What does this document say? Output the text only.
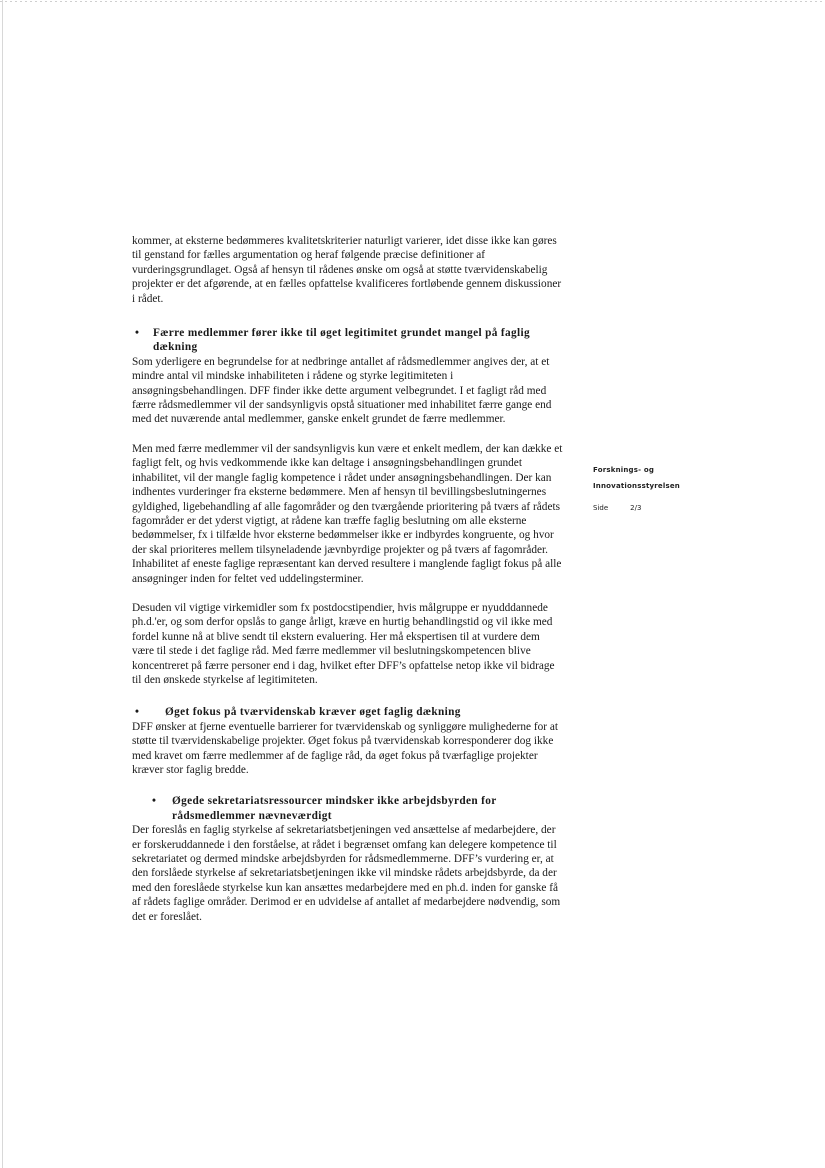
kommer, at eksterne bedømmeres kvalitetskriterier naturligt varierer, idet disse ikke kan gøres til genstand for fælles argumentation og heraf følgende præcise definitioner af vurderingsgrundlaget. Også af hensyn til rådenes ønske om også at støtte tværvidenskabelig projekter er det afgørende, at en fælles opfattelse kvalificeres fortløbende gennem diskussioner i rådet.

• Færre medlemmer fører ikke til øget legitimitet grundet mangel på faglig dækning

Som yderligere en begrundelse for at nedbringe antallet af rådsmedlemmer angives der, at et mindre antal vil mindske inhabiliteten i rådene og styrke legitimiteten i ansøgningsbehandlingen. DFF finder ikke dette argument velbegrundet. I et fagligt råd med færre rådsmedlemmer vil der sandsynligvis opstå situationer med inhabilitet færre gange end med det nuværende antal medlemmer, ganske enkelt grundet de færre medlemmer.

Men med færre medlemmer vil der sandsynligvis kun være et enkelt medlem, der kan dække et fagligt felt, og hvis vedkommende ikke kan deltage i ansøgningsbehandlingen grundet inhabilitet, vil der mangle faglig kompetence i rådet under ansøgningsbehandlingen. Der kan indhentes vurderinger fra eksterne bedømmere. Men af hensyn til bevillingsbeslutningernes gyldighed, ligebehandling af alle fagområder og den tværgående prioritering på tværs af rådets fagområder er det yderst vigtigt, at rådene kan træffe faglig beslutning om alle eksterne bedømmelser, fx i tilfælde hvor eksterne bedømmelser ikke er indbyrdes kongruente, og hvor der skal prioriteres mellem tilsyneladende jævnbyrdige projekter og på tværs af fagområder. Inhabilitet af eneste faglige repræsentant kan derved resultere i manglende fagligt fokus på alle ansøgninger inden for feltet ved uddelingsterminer.

Desuden vil vigtige virkemidler som fx postdocstipendier, hvis målgruppe er nyudddannede ph.d.'er, og som derfor opslås to gange årligt, kræve en hurtig behandlingstid og vil ikke med fordel kunne nå at blive sendt til ekstern evaluering. Her må ekspertisen til at vurdere dem være til stede i det faglige råd. Med færre medlemmer vil beslutningskompetencen blive koncentreret på færre personer end i dag, hvilket efter DFF’s opfattelse netop ikke vil bidrage til den ønskede styrkelse af legitimiteten.

• Øget fokus på tværvidenskab kræver øget faglig dækning

DFF ønsker at fjerne eventuelle barrierer for tværvidenskab og synliggøre mulighederne for at støtte til tværvidenskabelige projekter. Øget fokus på tværvidenskab korresponderer dog ikke med kravet om færre medlemmer af de faglige råd, da øget fokus på tværfaglige projekter kræver stor faglig bredde.

• Øgede sekretariatsressourcer mindsker ikke arbejdsbyrden for rådsmedlemmer nævneværdigt

Der foreslås en faglig styrkelse af sekretariatsbetjeningen ved ansættelse af medarbejdere, der er forskeruddannede i den forståelse, at rådet i begrænset omfang kan delegere kompetence til sekretariatet og dermed mindske arbejdsbyrden for rådsmedlemmerne. DFF’s vurdering er, at den forslåede styrkelse af sekretariatsbetjeningen ikke vil mindske rådets arbejdsbyrde, da der med den foreslåede styrkelse kun kan ansættes medarbejdere med en ph.d. inden for ganske få af rådets faglige områder. Derimod er en udvidelse af antallet af medarbejdere nødvendig, som det er foreslået.

Forsknings- og
Innovationsstyrelsen
Side	2/3
